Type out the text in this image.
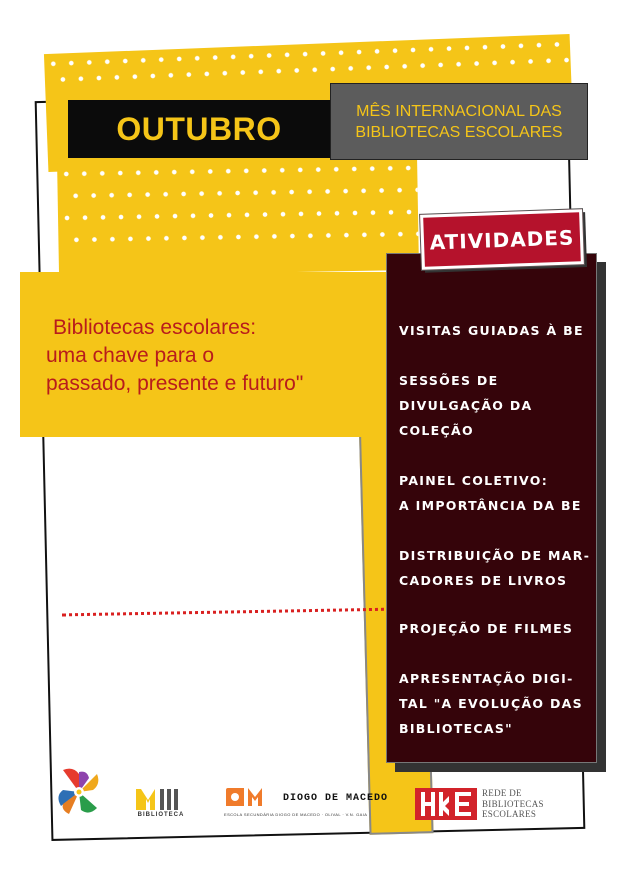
OUTUBRO	MÊS INTERNACIONAL DAS
BIBLIOTECAS ESCOLARES
Bibliotecas escolares:
uma chave para o
passado, presente e futuro"
VISITAS GUIADAS À BE
SESSÕES DE
DIVULGAÇÃO DA
COLEÇÃO
PAINEL COLETIVO:
A IMPORTÂNCIA DA BE
DISTRIBUIÇÃO DE MAR-
CADORES DE LIVROS
PROJEÇÃO DE FILMES
APRESENTAÇÃO DIGI-
TAL "A EVOLUÇÃO DAS
BIBLIOTECAS"
ATIVIDADES
BIBLIOTECA
DIOGO DE MACEDO
ESCOLA SECUNDÁRIA DIOGO DE MACEDO · OLIVAL · V.N. GAIA
REDE DE
BIBLIOTECAS
ESCOLARES
